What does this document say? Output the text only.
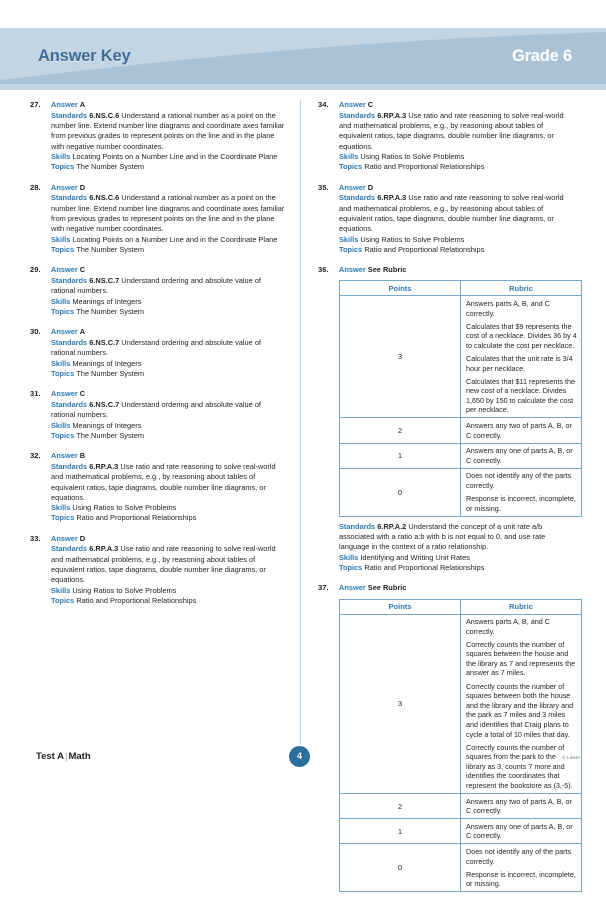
Answer Key	Grade 6
27. Answer A
Standards 6.NS.C.6 Understand a rational number as a point on the number line. Extend number line diagrams and coordinate axes familiar from previous grades to represent points on the line and in the plane with negative number coordinates.
Skills Locating Points on a Number Line and in the Coordinate Plane
Topics The Number System
28. Answer D
Standards 6.NS.C.6 Understand a rational number as a point on the number line. Extend number line diagrams and coordinate axes familiar from previous grades to represent points on the line and in the plane with negative number coordinates.
Skills Locating Points on a Number Line and in the Coordinate Plane
Topics The Number System
29. Answer C
Standards 6.NS.C.7 Understand ordering and absolute value of rational numbers.
Skills Meanings of Integers
Topics The Number System
30. Answer A
Standards 6.NS.C.7 Understand ordering and absolute value of rational numbers.
Skills Meanings of Integers
Topics The Number System
31. Answer C
Standards 6.NS.C.7 Understand ordering and absolute value of rational numbers.
Skills Meanings of Integers
Topics The Number System
32. Answer B
Standards 6.RP.A.3 Use ratio and rate reasoning to solve real-world and mathematical problems, e.g., by reasoning about tables of equivalent ratios, tape diagrams, double number line diagrams, or equations.
Skills Using Ratios to Solve Problems
Topics Ratio and Proportional Relationships
33. Answer D
Standards 6.RP.A.3 Use ratio and rate reasoning to solve real-world and mathematical problems, e.g., by reasoning about tables of equivalent ratios, tape diagrams, double number line diagrams, or equations.
Skills Using Ratios to Solve Problems
Topics Ratio and Proportional Relationships
34. Answer C
Standards 6.RP.A.3 Use ratio and rate reasoning to solve real-world and mathematical problems, e.g., by reasoning about tables of equivalent ratios, tape diagrams, double number line diagrams, or equations.
Skills Using Ratios to Solve Problems
Topics Ratio and Proportional Relationships
35. Answer D
Standards 6.RP.A.3 Use ratio and rate reasoning to solve real-world and mathematical problems, e.g., by reasoning about tables of equivalent ratios, tape diagrams, double number line diagrams, or equations.
Skills Using Ratios to Solve Problems
Topics Ratio and Proportional Relationships
36. Answer See Rubric
Points	Rubric
3	Answers parts A, B, and C correctly.

Calculates that $9 represents the cost of a necklace. Divides 36 by 4 to calculate the cost per necklace.

Calculates that the unit rate is 3/4 hour per necklace.

Calculates that $11 represents the new cost of a necklace. Divides 1,650 by 150 to calculate the cost per necklace.

2	Answers any two of parts A, B, or C correctly.

1	Answers any one of parts A, B, or C correctly.

0	Does not identify any of the parts correctly.

Response is incorrect, incomplete, or missing.

Standards 6.RP.A.2 Understand the concept of a unit rate a/b associated with a ratio a:b with b is not equal to 0, and use rate language in the context of a ratio relationship.
Skills Identifying and Writing Unit Rates
Topics Ratio and Proportional Relationships
37. Answer See Rubric
Points	Rubric
3	Answers parts A, B, and C correctly.

Correctly counts the number of squares between the house and the library as 7 and represents the answer as 7 miles.

Correctly counts the number of squares between both the house and the library and the library and the park as 7 miles and 3 miles and identifies that Craig plans to cycle a total of 10 miles that day.

Correctly counts the number of squares from the park to the library as 3, counts 7 more and identifies the coordinates that represent the bookstore as (3,-5).

2	Answers any two of parts A, B, or C correctly.

1	Answers any one of parts A, B, or C correctly.

0	Does not identify any of the parts correctly.

Response is incorrect, incomplete, or missing.

Test A|Math	4	© LinkIt!
